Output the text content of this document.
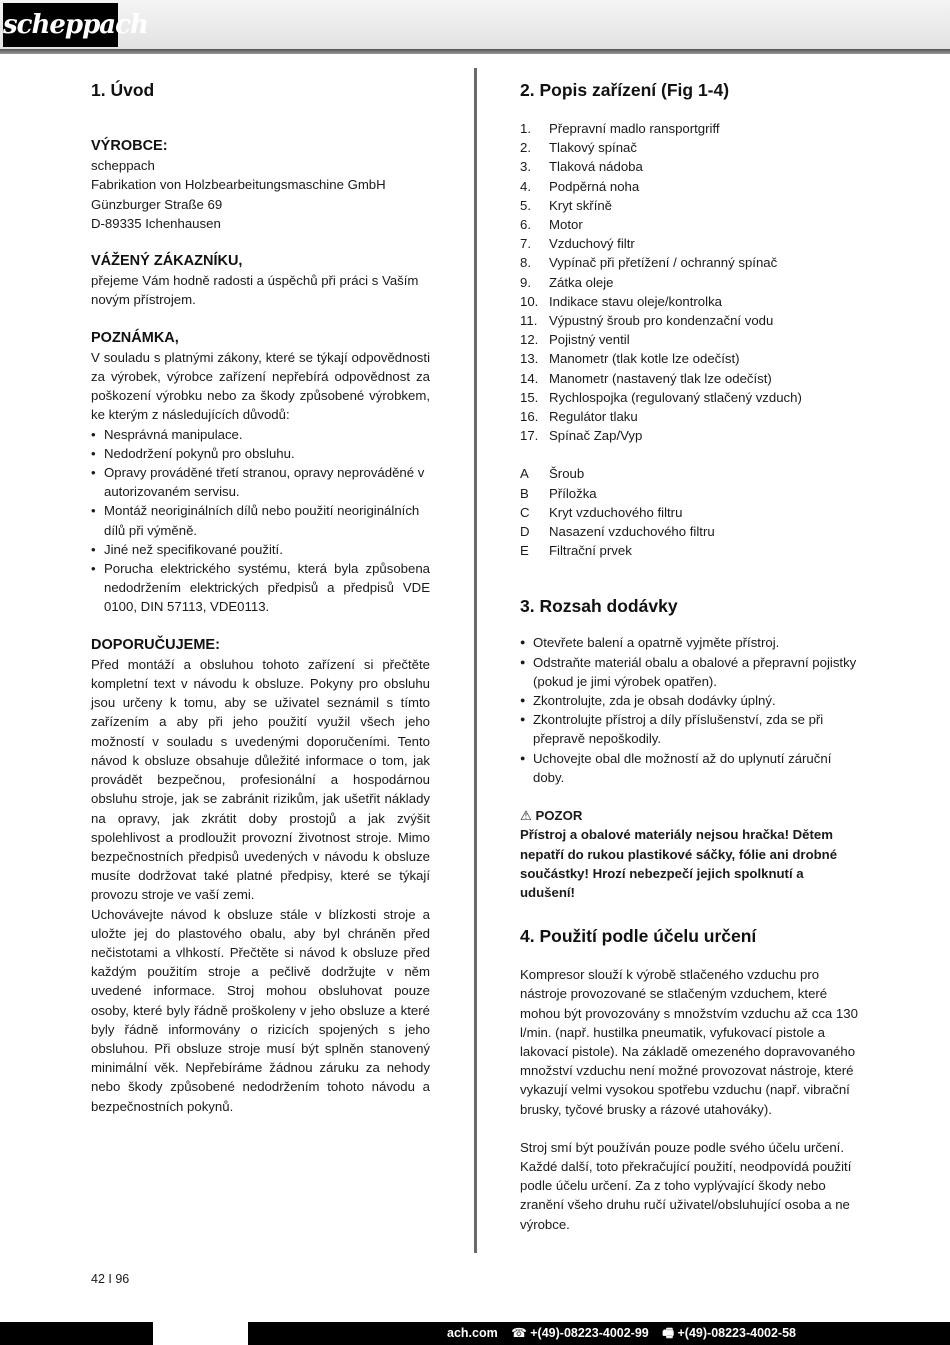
scheppach
1. Úvod
VÝROBCE:

scheppach

Fabrikation von Holzbearbeitungsmaschine GmbH

Günzburger Straße 69

D-89335 Ichenhausen

VÁŽENÝ ZÁKAZNÍKU,

přejeme Vám hodně radosti a úspěchů při práci s Vaším novým přístrojem.

POZNÁMKA,

V souladu s platnými zákony, které se týkají odpovědnosti za výrobek, výrobce zařízení nepřebírá odpovědnost za poškození výrobku nebo za škody způsobené výrobkem, ke kterým z následujících důvodů:

• Nesprávná manipulace.
• Nedodržení pokynů pro obsluhu.
• Opravy prováděné třetí stranou, opravy neprováděné v autorizovaném servisu.
• Montáž neoriginálních dílů nebo použití neoriginálních dílů při výměně.
• Jiné než specifikované použití.
• Porucha elektrického systému, která byla způsobena nedodržením elektrických předpisů a předpisů VDE 0100, DIN 57113, VDE0113.
DOPORUČUJEME:

Před montáží a obsluhou tohoto zařízení si přečtěte kompletní text v návodu k obsluze. Pokyny pro obsluhu jsou určeny k tomu, aby se uživatel seznámil s tímto zařízením a aby při jeho použití využil všech jeho možností v souladu s uvedenými doporučeními. Tento návod k obsluze obsahuje důležité informace o tom, jak provádět bezpečnou, profesionální a hospodárnou obsluhu stroje, jak se zabránit rizikům, jak ušetřit náklady na opravy, jak zkrátit doby prostojů a jak zvýšit spolehlivost a prodloužit provozní životnost stroje. Mimo bezpečnostních předpisů uvedených v návodu k obsluze musíte dodržovat také platné předpisy, které se týkají provozu stroje ve vaší zemi.

Uchovávejte návod k obsluze stále v blízkosti stroje a uložte jej do plastového obalu, aby byl chráněn před nečistotami a vlhkostí. Přečtěte si návod k obsluze před každým použitím stroje a pečlivě dodržujte v něm uvedené informace. Stroj mohou obsluhovat pouze osoby, které byly řádně proškoleny v jeho obsluze a které byly řádně informovány o rizicích spojených s jeho obsluhou. Při obsluze stroje musí být splněn stanovený minimální věk. Nepřebíráme žádnou záruku za nehody nebo škody způsobené nedodržením tohoto návodu a bezpečnostních pokynů.

2. Popis zařízení (Fig 1-4)
1.	Přepravní madlo ransportgriff
2.	Tlakový spínač
3.	Tlaková nádoba
4.	Podpěrná noha
5.	Kryt skříně
6.	Motor
7.	Vzduchový filtr
8.	Vypínač při přetížení / ochranný spínač
9.	Zátka oleje
10. Indikace stavu oleje/kontrolka
11. Výpustný šroub pro kondenzační vodu
12. Pojistný ventil
13. Manometr (tlak kotle lze odečíst)
14. Manometr (nastavený tlak lze odečíst)
15. Rychlospojka (regulovaný stlačený vzduch)
16. Regulátor tlaku
17. Spínač Zap/Vyp
A	Šroub
B	Příložka
C	Kryt vzduchového filtru
D	Nasazení vzduchového filtru
E	Filtrační prvek
3. Rozsah dodávky
● Otevřete balení a opatrně vyjměte přístroj.
● Odstraňte materiál obalu a obalové a přepravní pojistky (pokud je jimi výrobek opatřen).
● Zkontrolujte, zda je obsah dodávky úplný.
● Zkontrolujte přístroj a díly příslušenství, zda se při přepravě nepoškodily.
● Uchovejte obal dle možností až do uplynutí záruční doby.
⚠ POZOR

Přístroj a obalové materiály nejsou hračka! Dětem nepatří do rukou plastikové sáčky, fólie ani drobné součástky! Hrozí nebezpečí jejich spolknutí a udušení!

4. Použití podle účelu určení

Kompresor slouží k výrobě stlačeného vzduchu pro nástroje provozované se stlačeným vzduchem, které mohou být provozovány s množstvím vzduchu až cca 130 l/min. (např. hustilka pneumatik, vyfukovací pistole a lakovací pistole). Na základě omezeného dopravovaného množství vzduchu není možné provozovat nástroje, které vykazují velmi vysokou spotřebu vzduchu (např. vibrační brusky, tyčové brusky a rázové utahováky).

Stroj smí být používán pouze podle svého účelu určení. Každé další, toto překračující použití, neodpovídá použití podle účelu určení. Za z toho vyplývající škody nebo zranění všeho druhu ručí uživatel/obsluhující osoba a ne výrobce.

42 I 96
ach.com ☎ +(49)-08223-4002-99 🖷 +(49)-08223-4002-58
